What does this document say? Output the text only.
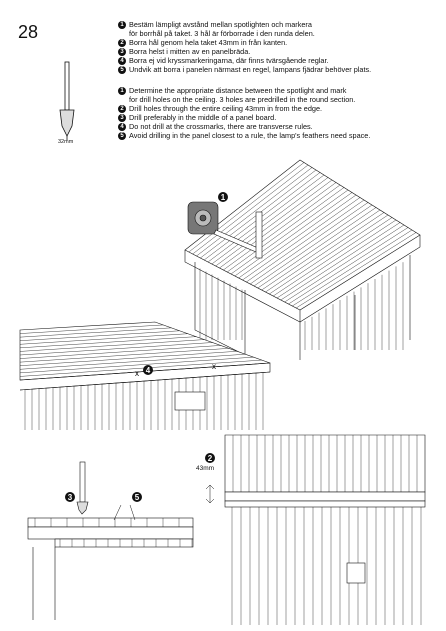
28	1 Bestäm lämpligt avstånd mellan spotlighten och markera
för borrhål på taket. 3 hål är förborrade i den runda delen.
2 Borra hål genom hela taket 43mm in från kanten.
3 Borra helst i mitten av en panelbräda.
4 Borra ej vid kryssmarkeringarna, där finns tvärsgående reglar.
5 Undvik att borra i panelen närmast en regel, lampans fjädrar behöver plats.
1 Determine the appropriate distance between the spotlight and mark
for drill holes on the ceiling. 3 holes are predrilled in the round section.
2 Drill holes through the entire ceiling 43mm in from the edge.
3 Drill preferably in the middle of a panel board.
4 Do not drill at the crossmarks, there are transverse rules.
5 Avoid drilling in the panel closest to a rule, the lamp's feathers need space.
32mm
43mm
1
x
x
4
3	5
2
